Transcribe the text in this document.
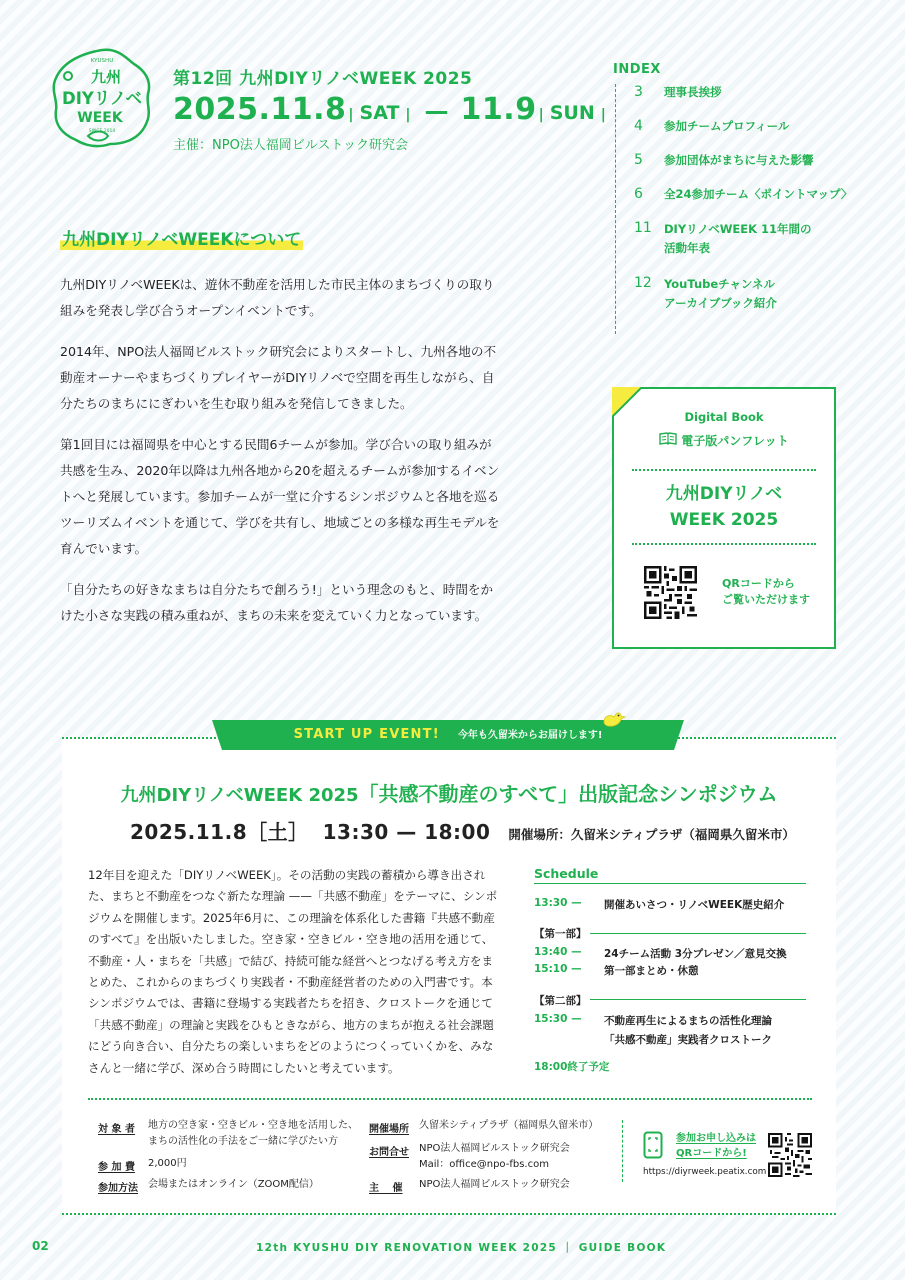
KYUSHU
九州
DIYリノベ
WEEK
SINCE 2014
第12回 九州DIYリノベWEEK 2025
2025.11.8 | SAT | — 11.9 | SUN |
主催：NPO法人福岡ビルストック研究会
INDEX
3	理事長挨拶
4	参加チームプロフィール
5	参加団体がまちに与えた影響
6	全24参加チーム〈ポイントマップ〉
11	DIYリノベWEEK 11年間の
活動年表
12	YouTubeチャンネル
アーカイブブック紹介
九州DIYリノベWEEKについて

九州DIYリノベWEEKは、遊休不動産を活用した市民主体のまちづくりの取り組みを発表し学び合うオープンイベントです。

2014年、NPO法人福岡ビルストック研究会によりスタートし、九州各地の不動産オーナーやまちづくりプレイヤーがDIYリノベで空間を再生しながら、自分たちのまちににぎわいを生む取り組みを発信してきました。

第1回目には福岡県を中心とする民間6チームが参加。学び合いの取り組みが共感を生み、2020年以降は九州各地から20を超えるチームが参加するイベントへと発展しています。参加チームが一堂に介するシンポジウムと各地を巡るツーリズムイベントを通じて、学びを共有し、地域ごとの多様な再生モデルを育んでいます。

「自分たちの好きなまちは自分たちで創ろう!」という理念のもと、時間をかけた小さな実践の積み重ねが、まちの未来を変えていく力となっています。

Digital Book
電子版パンフレット
九州DIYリノベ
WEEK 2025
QRコードから
ご覧いただけます
START UP EVENT! 今年も久留米からお届けします!
九州DIYリノベWEEK 2025「共感不動産のすべて」出版記念シンポジウム
2025.11.8［土］ 13:30 — 18:00 開催場所：久留米シティプラザ（福岡県久留米市）
12年目を迎えた「DIYリノベWEEK」。その活動の実践の蓄積から導き出された、まちと不動産をつなぐ新たな理論 ——「共感不動産」をテーマに、シンポジウムを開催します。2025年6月に、この理論を体系化した書籍『共感不動産のすべて』を出版いたしました。空き家・空きビル・空き地の活用を通じて、不動産・人・まちを「共感」で結び、持続可能な経営へとつなげる考え方をまとめた、これからのまちづくり実践者・不動産経営者のための入門書です。本シンポジウムでは、書籍に登場する実践者たちを招き、クロストークを通じて「共感不動産」の理論と実践をひもときながら、地方のまちが抱える社会課題にどう向き合い、自分たちの楽しいまちをどのようにつくっていくかを、みなさんと一緒に学び、深め合う時間にしたいと考えています。
Schedule
13:30 —	開催あいさつ・リノベWEEK歴史紹介
【第一部】
13:40 —	24チーム活動 3分プレゼン／意見交換
15:10 —	第一部まとめ・休憩
【第二部】
15:30 —	不動産再生によるまちの活性化理論
「共感不動産」実践者クロストーク
18:00終了予定
対 象 者 地方の空き家・空きビル・空き地を活用した、
まちの活性化の手法をご一緒に学びたい方
参 加 費 2,000円
参加方法 会場またはオンライン（ZOOM配信）
開催場所 久留米シティプラザ（福岡県久留米市）
お問合せ NPO法人福岡ビルストック研究会
Mail：office@npo-fbs.com
主　 催 NPO法人福岡ビルストック研究会
参加お申し込みは
QRコードから!
https://diyrweek.peatix.com
02	12th KYUSHU DIY RENOVATION WEEK 2025 ｜ GUIDE BOOK
